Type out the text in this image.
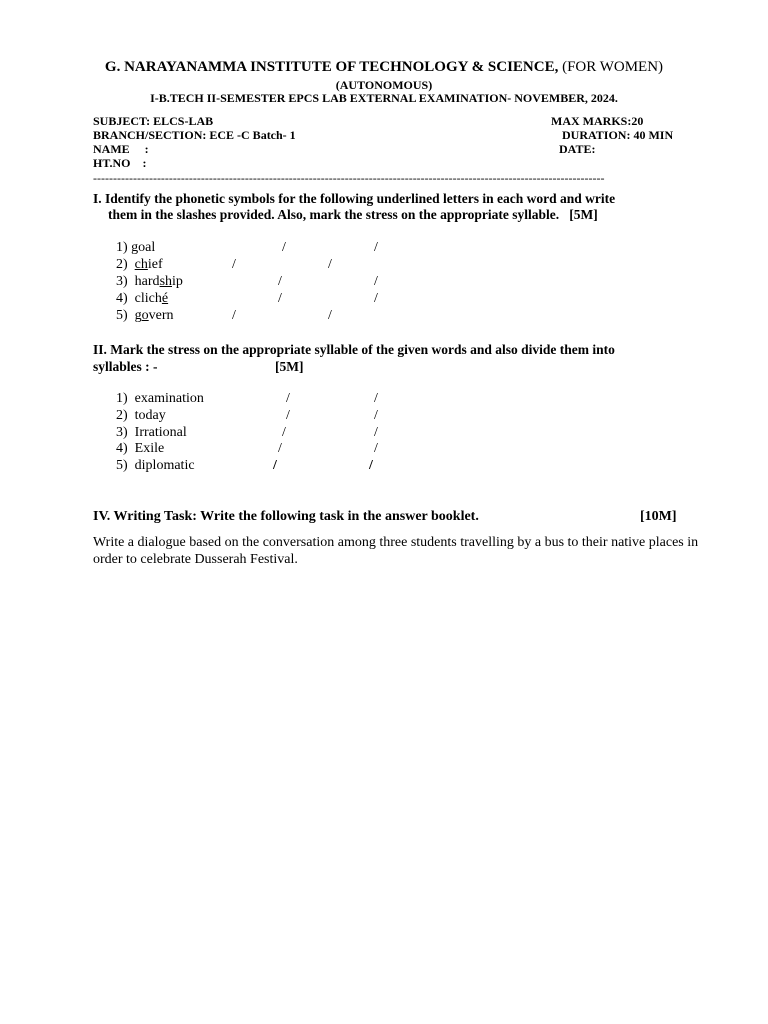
G. NARAYANAMMA INSTITUTE OF TECHNOLOGY & SCIENCE, (FOR WOMEN)
(AUTONOMOUS)
I-B.TECH II-SEMESTER EPCS LAB EXTERNAL EXAMINATION- NOVEMBER, 2024.
SUBJECT: ELCS-LAB	MAX MARKS:20
BRANCH/SECTION: ECE -C Batch- 1	DURATION: 40 MIN
NAME     :	DATE:
HT.NO    :
--------------------------------------------------------------------------------------------------------------------------------
I. Identify the phonetic symbols for the following underlined letters in each word and write
them in the slashes provided. Also, mark the stress on the appropriate syllable.   [5M]
1) goal	/	/
2) chief	/	/
3) hardship	/	/
4) cliché	/	/
5) govern	/	/
II. Mark the stress on the appropriate syllable of the given words and also divide them into
syllables : -	[5M]
1) examination	/	/
2) today	/	/
3) Irrational	/	/
4) Exile	/	/
5) diplomatic	/	/
IV. Writing Task: Write the following task in the answer booklet.	[10M]
Write a dialogue based on the conversation among three students travelling by a bus to their native places in order to celebrate Dusserah Festival.
